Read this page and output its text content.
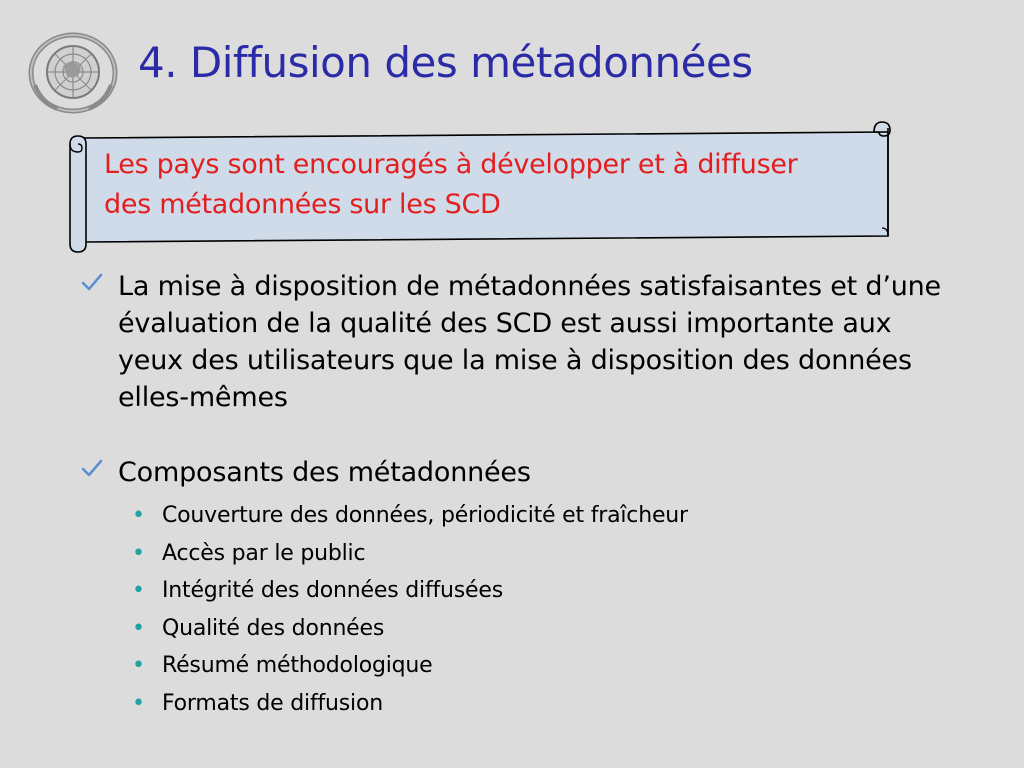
4. Diffusion des métadonnées
Les pays sont encouragés à développer et à diffuser
des métadonnées sur les SCD
La mise à disposition de métadonnées satisfaisantes et d’une évaluation de la qualité des SCD est aussi importante aux yeux des utilisateurs que la mise à disposition des données elles-mêmes
Composants des métadonnées
• Couverture des données, périodicité et fraîcheur
• Accès par le public
• Intégrité des données diffusées
• Qualité des données
• Résumé méthodologique
• Formats de diffusion
